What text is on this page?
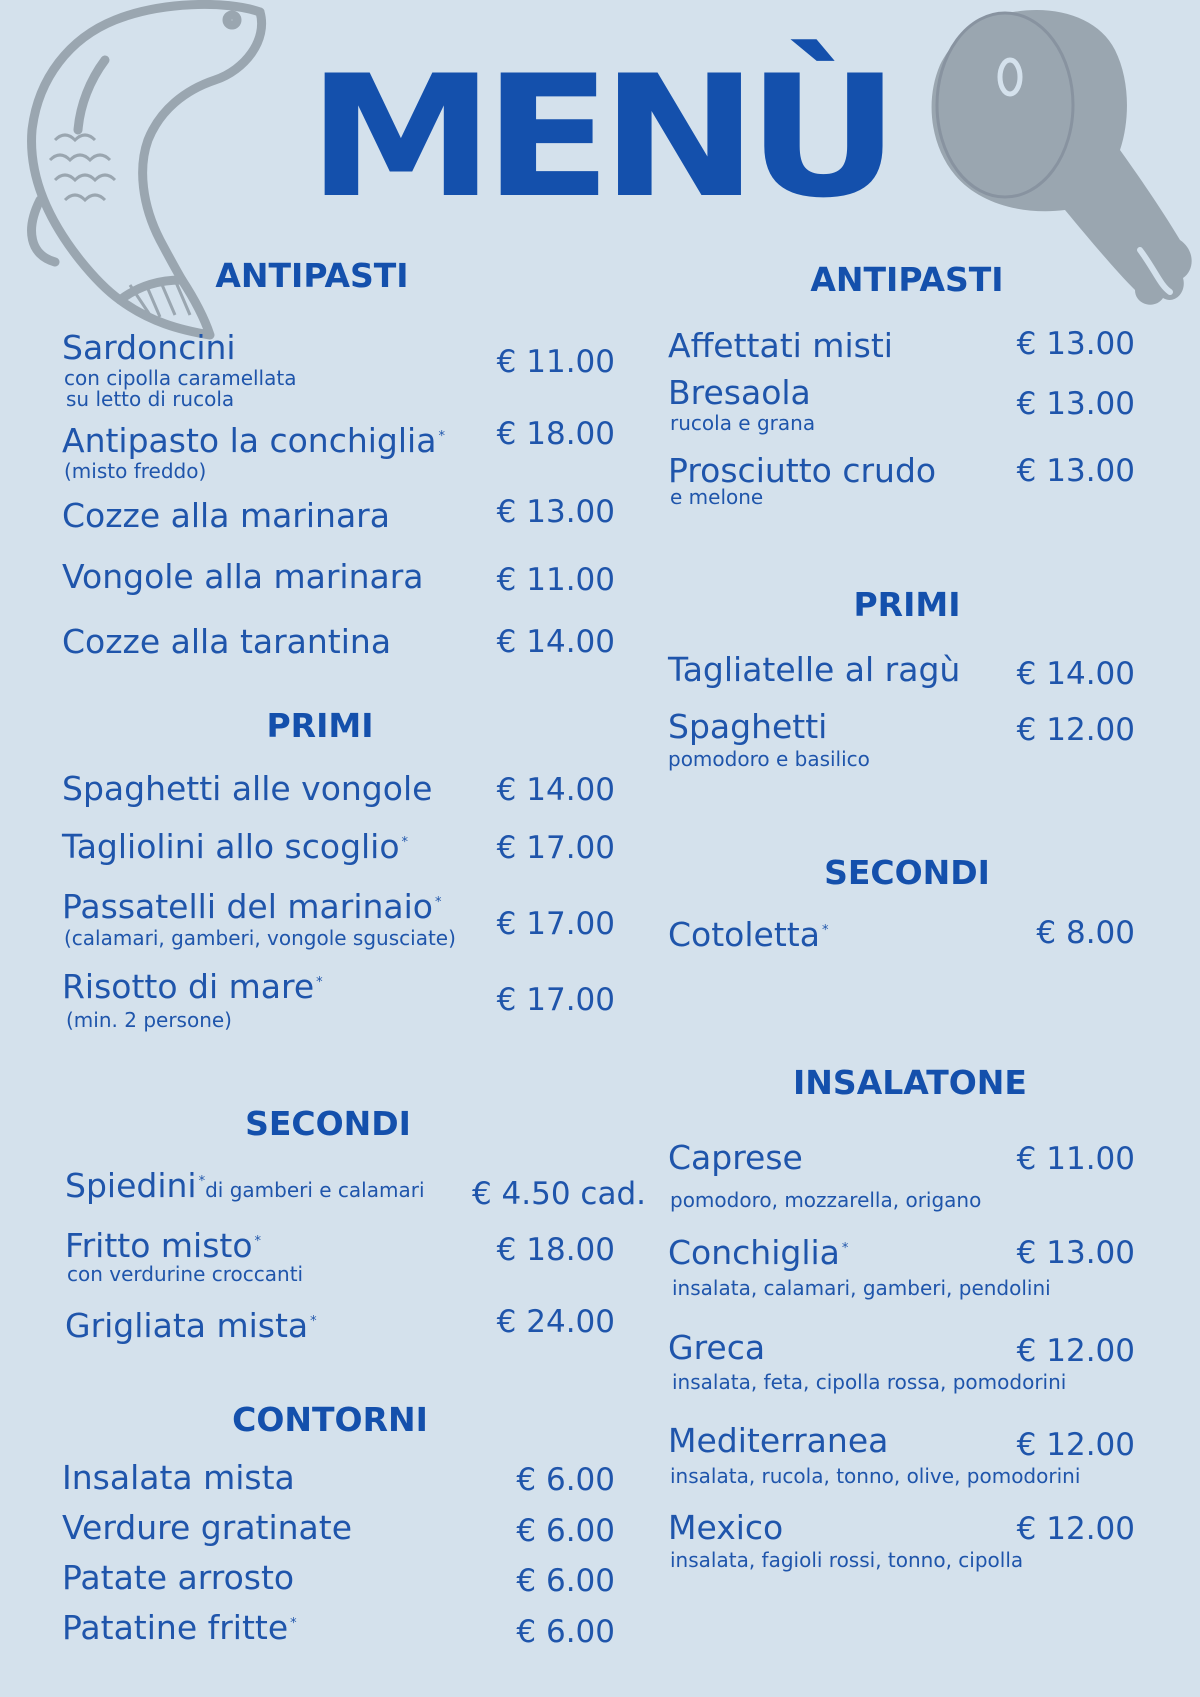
MENÙ
ANTIPASTI
Sardoncini
con cipolla caramellata
su letto di rucola
€ 11.00
Antipasto la conchiglia *
(misto freddo)
€ 18.00
Cozze alla marinara	€ 13.00
Vongole alla marinara € 11.00
Cozze alla tarantina	€ 14.00
PRIMI
Spaghetti alle vongole € 14.00
Tagliolini allo scoglio *	€ 17.00
Passatelli del marinaio *
(calamari, gamberi, vongole sgusciate) € 17.00
Risotto di mare *
(min. 2 persone)
€ 17.00
SECONDI
Spiedini *di gamberi e calamari € 4.50 cad.
Fritto misto *
con verdurine croccanti
€ 18.00
Grigliata mista *	€ 24.00
CONTORNI
Insalata mista	€ 6.00
Verdure gratinate	€ 6.00
Patate arrosto	€ 6.00
Patatine fritte *	€ 6.00
ANTIPASTI
Affettati misti	€ 13.00
Bresaola
rucola e grana
€ 13.00
Prosciutto crudo
e melone
€ 13.00
PRIMI
Tagliatelle al ragù € 14.00
Spaghetti
pomodoro e basilico
€ 12.00
SECONDI
Cotoletta *	€ 8.00
INSALATONE
Caprese
pomodoro, mozzarella, origano
€ 11.00
Conchiglia *
insalata, calamari, gamberi, pendolini
€ 13.00
Greca
insalata, feta, cipolla rossa, pomodorini
€ 12.00
Mediterranea
insalata, rucola, tonno, olive, pomodorini
€ 12.00
Mexico
insalata, fagioli rossi, tonno, cipolla
€ 12.00
